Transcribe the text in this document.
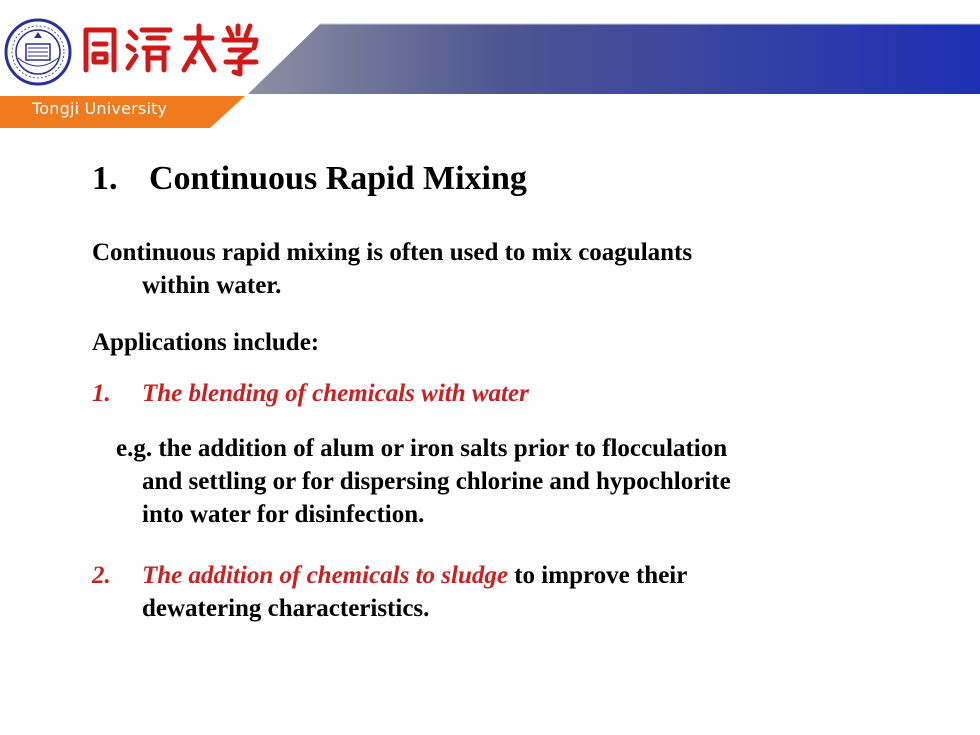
Tongji University
1. Continuous Rapid Mixing
Continuous rapid mixing is often used to mix coagulants
within water.
Applications include:
1. The blending of chemicals with water
e.g. the addition of alum or iron salts prior to flocculation
and settling or for dispersing chlorine and hypochlorite
into water for disinfection.
2. The addition of chemicals to sludge to improve their
dewatering characteristics.
